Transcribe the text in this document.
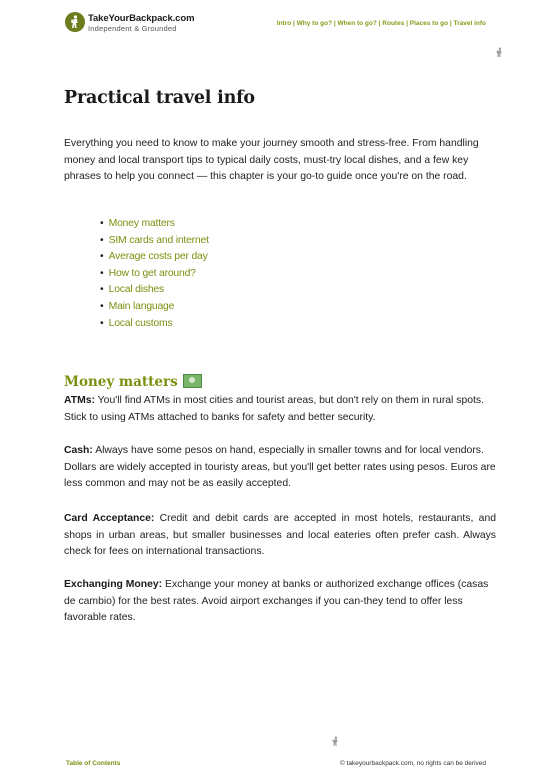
TakeYourBackpack.com
Independent & Grounded
Intro | Why to go? | When to go? | Routes | Places to go | Travel info
Practical travel info

Everything you need to know to make your journey smooth and stress-free. From handling money and local transport tips to typical daily costs, must-try local dishes, and a few key phrases to help you connect — this chapter is your go-to guide once you're on the road.

• Money matters
• SIM cards and internet
• Average costs per day
• How to get around?
• Local dishes
• Main language
• Local customs
Money matters

ATMs: You'll find ATMs in most cities and tourist areas, but don't rely on them in rural spots. Stick to using ATMs attached to banks for safety and better security.

Cash: Always have some pesos on hand, especially in smaller towns and for local vendors. Dollars are widely accepted in touristy areas, but you'll get better rates using pesos. Euros are less common and may not be as easily accepted.

Card Acceptance: Credit and debit cards are accepted in most hotels, restaurants, and shops in urban areas, but smaller businesses and local eateries often prefer cash. Always check for fees on international transactions.

Exchanging Money: Exchange your money at banks or authorized exchange offices (casas de cambio) for the best rates. Avoid airport exchanges if you can-they tend to offer less favorable rates.

Table of Contents	© takeyourbackpack.com, no rights can be derived
